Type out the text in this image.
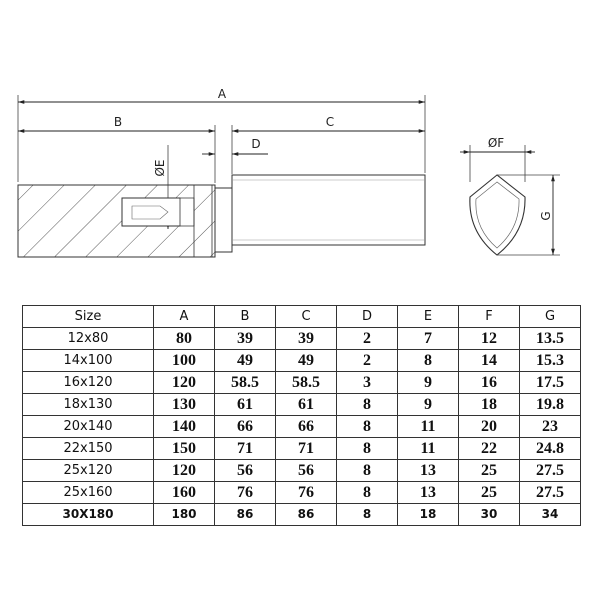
A
B	C
D
ØE
ØF
G
Size	A	B	C	D	E	F	G
12x80	80	39	39	2	7	12	13.5
14x100	100	49	49	2	8	14	15.3
16x120	120	58.5	58.5	3	9	16	17.5
18x130	130	61	61	8	9	18	19.8
20x140	140	66	66	8	11	20	23
22x150	150	71	71	8	11	22	24.8
25x120	120	56	56	8	13	25	27.5
25x160	160	76	76	8	13	25	27.5
30X180	180	86	86	8	18	30	34
